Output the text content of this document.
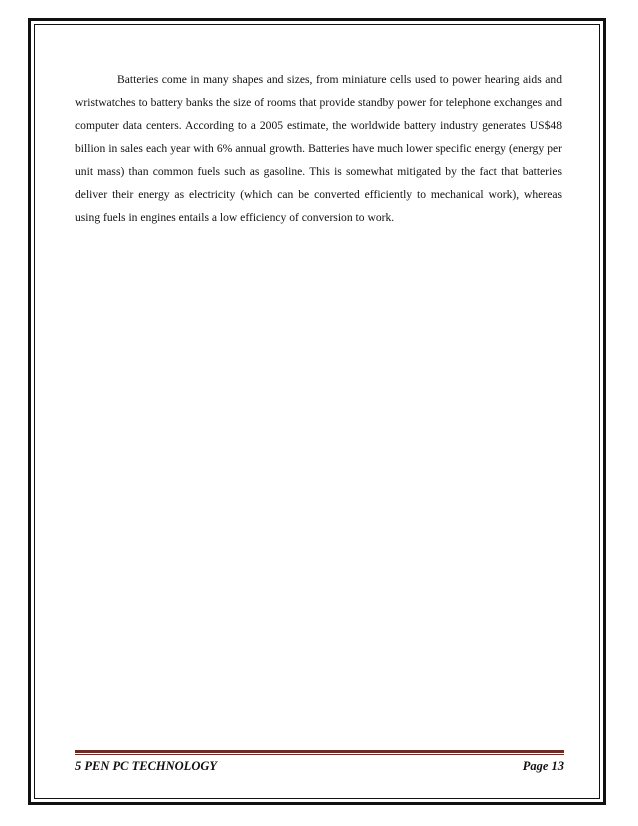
Batteries come in many shapes and sizes, from miniature cells used to power hearing aids and wristwatches to battery banks the size of rooms that provide standby power for telephone exchanges and computer data centers. According to a 2005 estimate, the worldwide battery industry generates US$48 billion in sales each year with 6% annual growth. Batteries have much lower specific energy (energy per unit mass) than common fuels such as gasoline. This is somewhat mitigated by the fact that batteries deliver their energy as electricity (which can be converted efficiently to mechanical work), whereas using fuels in engines entails a low efficiency of conversion to work.

5 PEN PC TECHNOLOGY	Page 13
